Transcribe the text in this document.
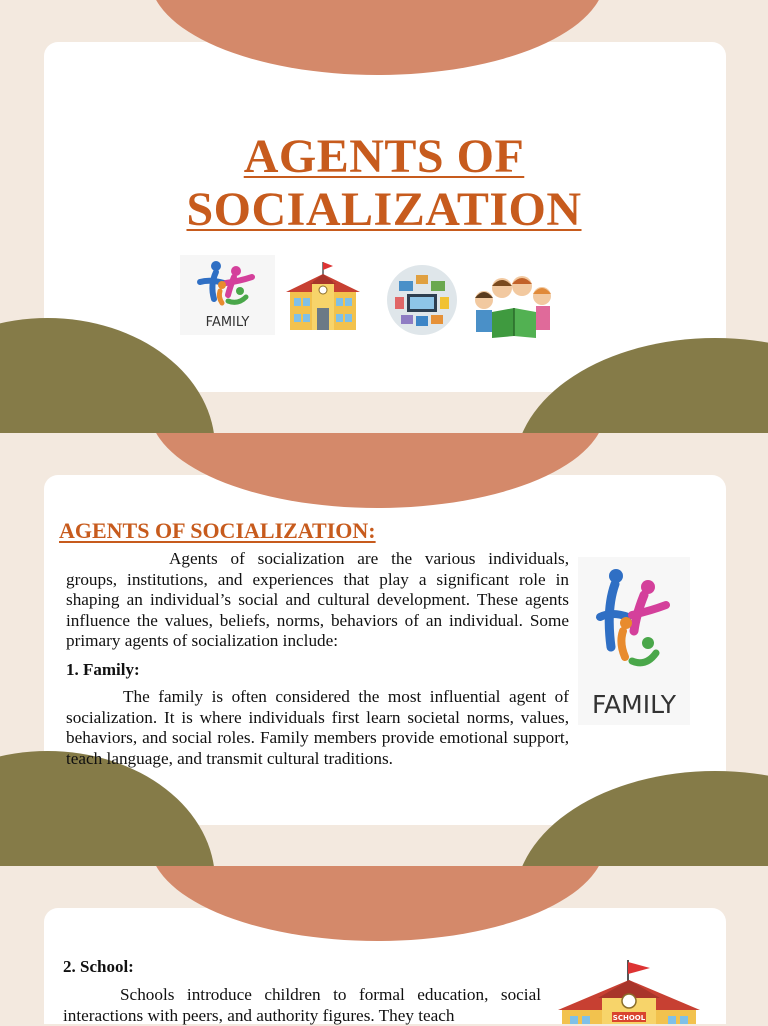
AGENTS OF
SOCIALIZATION
FAMILY
AGENTS OF SOCIALIZATION:
Agents of socialization are the various individuals, groups, institutions, and experiences that play a significant role in shaping an individual’s social and cultural development. These agents influence the values, beliefs, norms, behaviors of an individual. Some primary agents of socialization include:
1. Family:
The family is often considered the most influential agent of socialization. It is where individuals first learn societal norms, values, behaviors, and social roles. Family members provide emotional support, teach language, and transmit cultural traditions.
FAMILY
2. School:
Schools introduce children to formal education, social interactions with peers, and authority figures. They teach	SCHOOL
